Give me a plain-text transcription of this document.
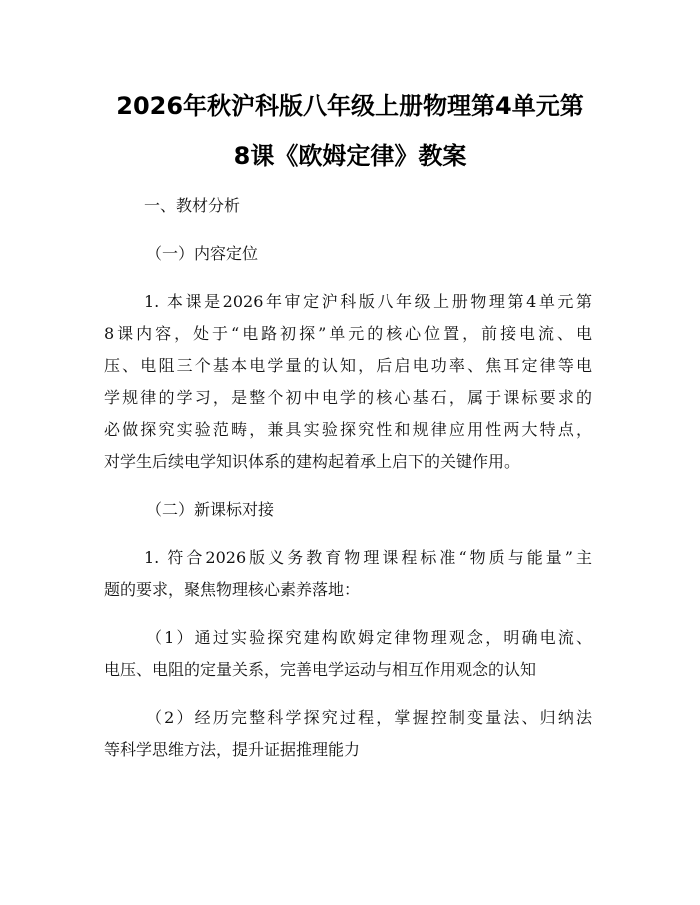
2026年秋沪科版八年级上册物理第4单元第
8课《欧姆定律》教案
一、教材分析
（一）内容定位
1. 本课是2026年审定沪科版八年级上册物理第4单元第
8课内容，处于“电路初探”单元的核心位置，前接电流、电
压、电阻三个基本电学量的认知，后启电功率、焦耳定律等电
学规律的学习，是整个初中电学的核心基石，属于课标要求的
必做探究实验范畴，兼具实验探究性和规律应用性两大特点，
对学生后续电学知识体系的建构起着承上启下的关键作用。
（二）新课标对接
1. 符合2026版义务教育物理课程标准“物质与能量”主
题的要求，聚焦物理核心素养落地：
（1）通过实验探究建构欧姆定律物理观念，明确电流、
电压、电阻的定量关系，完善电学运动与相互作用观念的认知
（2）经历完整科学探究过程，掌握控制变量法、归纳法
等科学思维方法，提升证据推理能力
